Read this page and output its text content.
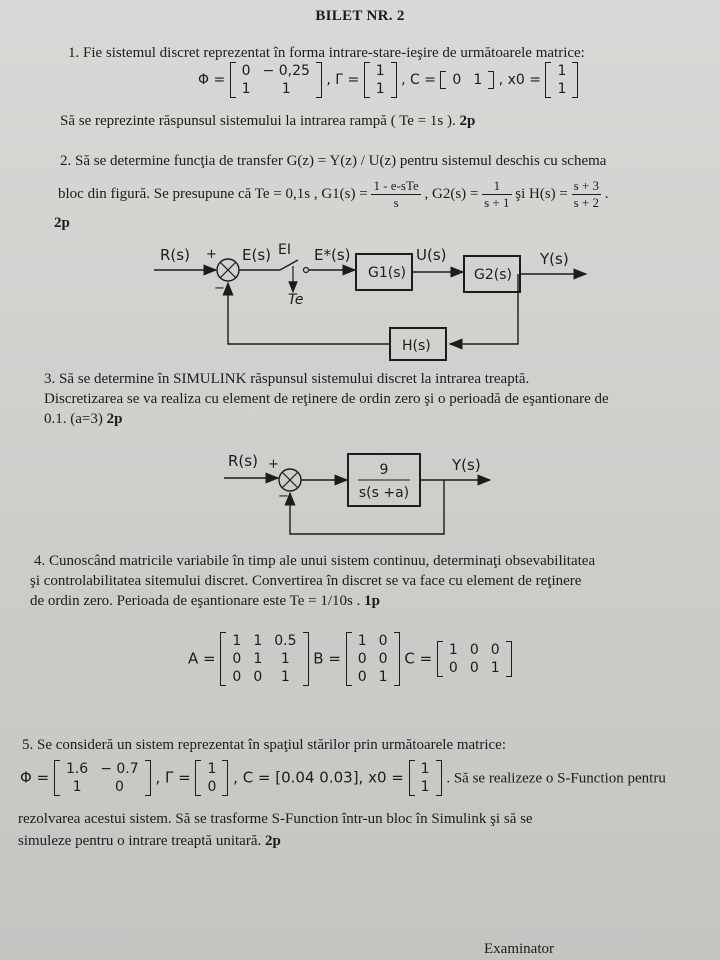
BILET NR. 2
1. Fie sistemul discret reprezentat în forma intrare-stare-ieşire de următoarele matrice:
Φ =
0	− 0,25
1	1
, Γ =
1
1
, C = 0	1 , x0 =
1
1
Să se reprezinte răspunsul sistemului la intrarea rampă ( Te = 1s ). 2p
2. Să se determine funcţia de transfer G(z) = Y(z) / U(z) pentru sistemul deschis cu schema
bloc din figură. Se presupune că Te = 0,1s , $G1(s) = \frac{\text{1 - e-sTe}}{s}$ , $G2(s) = \frac{1}{s + 1}$ şi $H(s) = \frac{s + 3}{s + 2}$ .
2p
R(s) +
−
E(s) EI
Te
E*(s)
G1(s)
U(s)
G2(s)
Y(s)
H(s)
3. Să se determine în SIMULINK răspunsul sistemului discret la intrarea treaptă.
Discretizarea se va realiza cu element de reţinere de ordin zero şi o perioadă de eşantionare de
0.1. (a=3) 2p
R(s) +
−
9
s(s +a)
Y(s)
4. Cunoscând matricile variabile în timp ale unui sistem continuu, determinaţi obsevabilitatea
şi controlabilitatea sitemului discret. Convertirea în discret se va face cu element de reţinere
de ordin zero. Perioada de eşantionare este Te = 1/10s . 1p
A =
1	1	0.5
0	1	1
0	0	1
B =
1	0
0	0
0	1
C = 1	0	0
0	0	1
5. Se consideră un sistem reprezentat în spaţiul stărilor prin următoarele matrice:
Φ = 1.6	− 0.7
1	0
, Γ = 1
0
, C = [0.04 0.03], x0 = 1
1
. Să se realizeze o S-Function pentru
rezolvarea acestui sistem. Să se trasforme S-Function într-un bloc în Simulink şi să se
simuleze pentru o intrare treaptă unitară. 2p
Examinator
